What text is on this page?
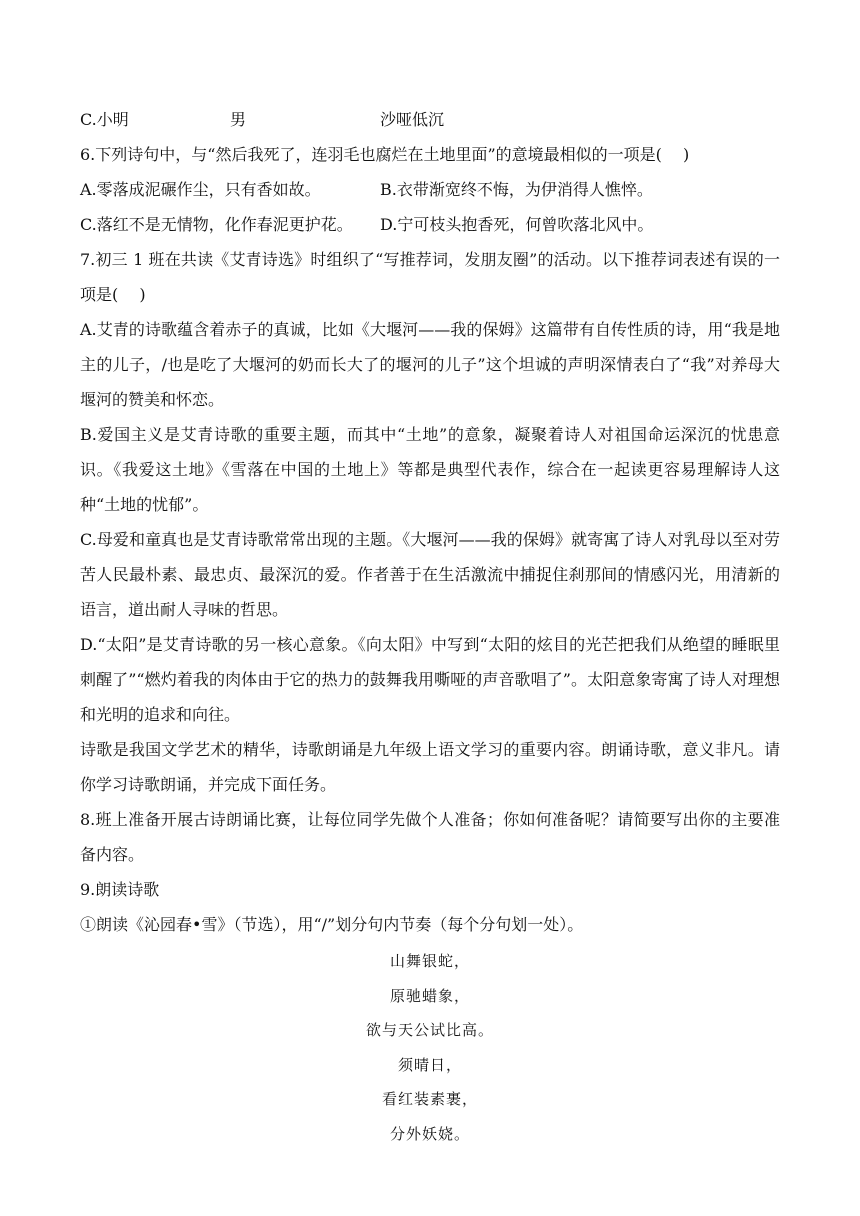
C.小明	男	沙哑低沉

6.下列诗句中，与“然后我死了，连羽毛也腐烂在土地里面”的意境最相似的一项是(　 )

A.零落成泥碾作尘，只有香如故。	B.衣带渐宽终不悔，为伊消得人憔悴。
C.落红不是无情物，化作春泥更护花。	D.宁可枝头抱香死，何曾吹落北风中。

7.初三 1 班在共读《艾青诗选》时组织了“写推荐词，发朋友圈”的活动。以下推荐词表述有误的一项是(　 )

A.艾青的诗歌蕴含着赤子的真诚，比如《大堰河——我的保姆》这篇带有自传性质的诗，用“我是地主的儿子，/也是吃了大堰河的奶而长大了的堰河的儿子”这个坦诚的声明深情表白了“我”对养母大堰河的赞美和怀恋。

B.爱国主义是艾青诗歌的重要主题，而其中“土地”的意象，凝聚着诗人对祖国命运深沉的忧患意识。《我爱这土地》《雪落在中国的土地上》等都是典型代表作，综合在一起读更容易理解诗人这种“土地的忧郁”。

C.母爱和童真也是艾青诗歌常常出现的主题。《大堰河——我的保姆》就寄寓了诗人对乳母以至对劳苦人民最朴素、最忠贞、最深沉的爱。作者善于在生活激流中捕捉住刹那间的情感闪光，用清新的语言，道出耐人寻味的哲思。

D.“太阳”是艾青诗歌的另一核心意象。《向太阳》中写到“太阳的炫目的光芒把我们从绝望的睡眠里刺醒了”“燃灼着我的肉体由于它的热力的鼓舞我用嘶哑的声音歌唱了”。太阳意象寄寓了诗人对理想和光明的追求和向往。

诗歌是我国文学艺术的精华，诗歌朗诵是九年级上语文学习的重要内容。朗诵诗歌，意义非凡。请你学习诗歌朗诵，并完成下面任务。

8.班上准备开展古诗朗诵比赛，让每位同学先做个人准备；你如何准备呢？请简要写出你的主要准备内容。

9.朗读诗歌

①朗读《沁园春•雪》（节选），用“/”划分句内节奏（每个分句划一处）。

山舞银蛇，
原驰蜡象，
欲与天公试比高。
须晴日，
看红装素裹，
分外妖娆。
